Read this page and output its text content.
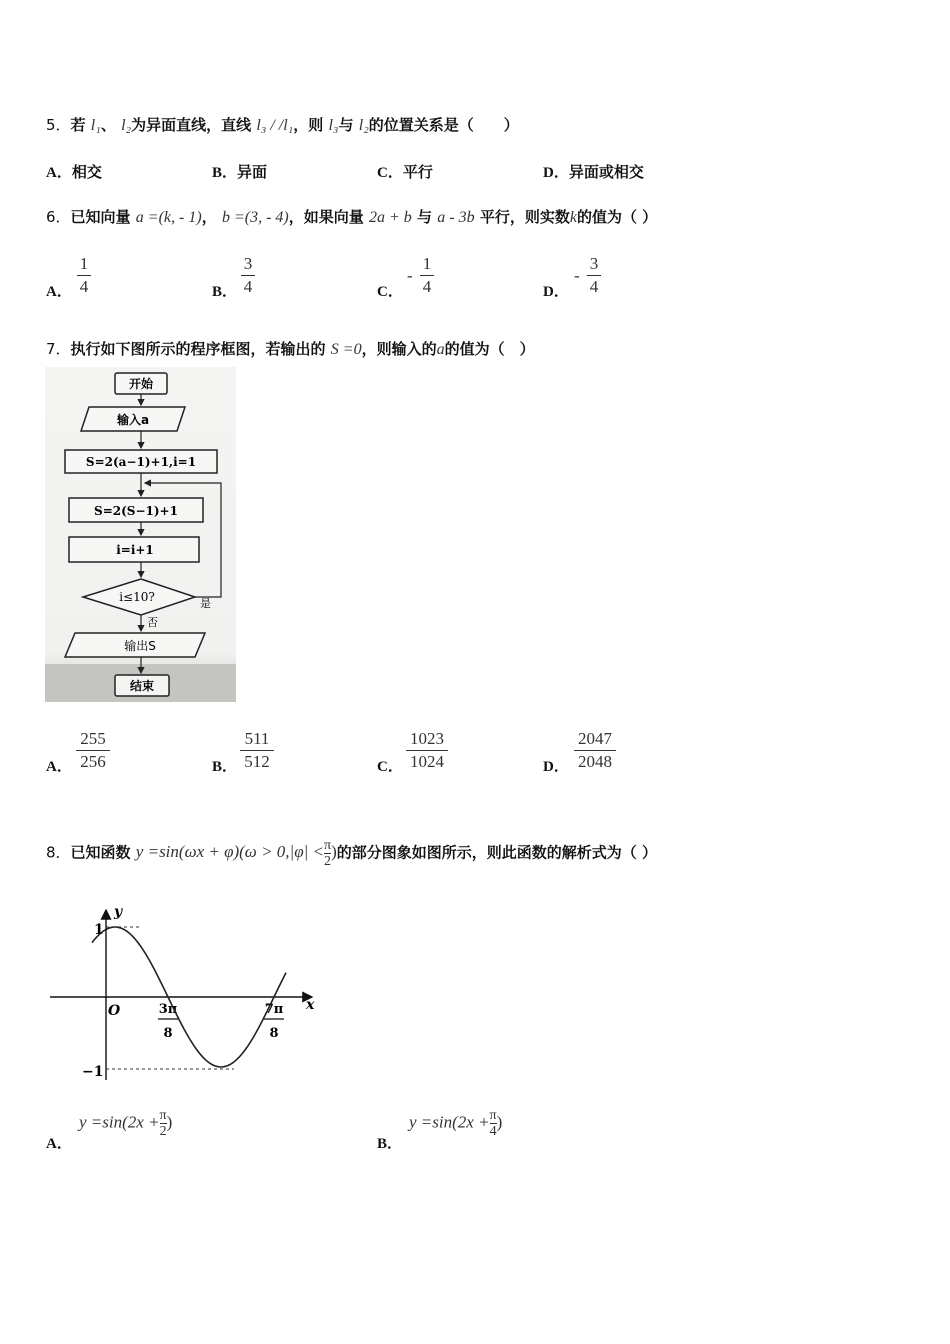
5．若 l₁、 l₂为异面直线，直线 l₃ / /l₁，则 l₃与 l₂的位置关系是（　　）
A．相交	B．异面	C．平行	D．异面或相交
6．已知向量 a =(k, - 1)， b =(3, - 4)，如果向量 2a + b 与 a - 3b 平行，则实数k的值为（ ）
A． $\frac{1}{4}$	B． $\frac{3}{4}$	C．
- $\frac{1}{4}$	D．
- $\frac{3}{4}$
7．执行如下图所示的程序框图，若输出的 S =0，则输入的a的值为（　）
开始
输入a
S=2(a−1)+1,i=1
S=2(S−1)+1
i=i+1
i≤10?	是
否
输出S
结束
A． $\frac{255}{256}$	B． $\frac{511}{512}$	C． $\frac{1023}{1024}$	D． $\frac{2047}{2048}$
8．已知函数 $y =\sin(\omega x + \varphi)(\omega > 0,|\varphi| < \frac{\pi}{2}$ )的部分图象如图所示，则此函数的解析式为（ ）
y
x
O
1
−1
3π
8
7π
8
A．
$y =\sin(2x + \frac{\pi}{2}$ )
B．
$y =\sin(2x + \frac{\pi}{4}$ )
